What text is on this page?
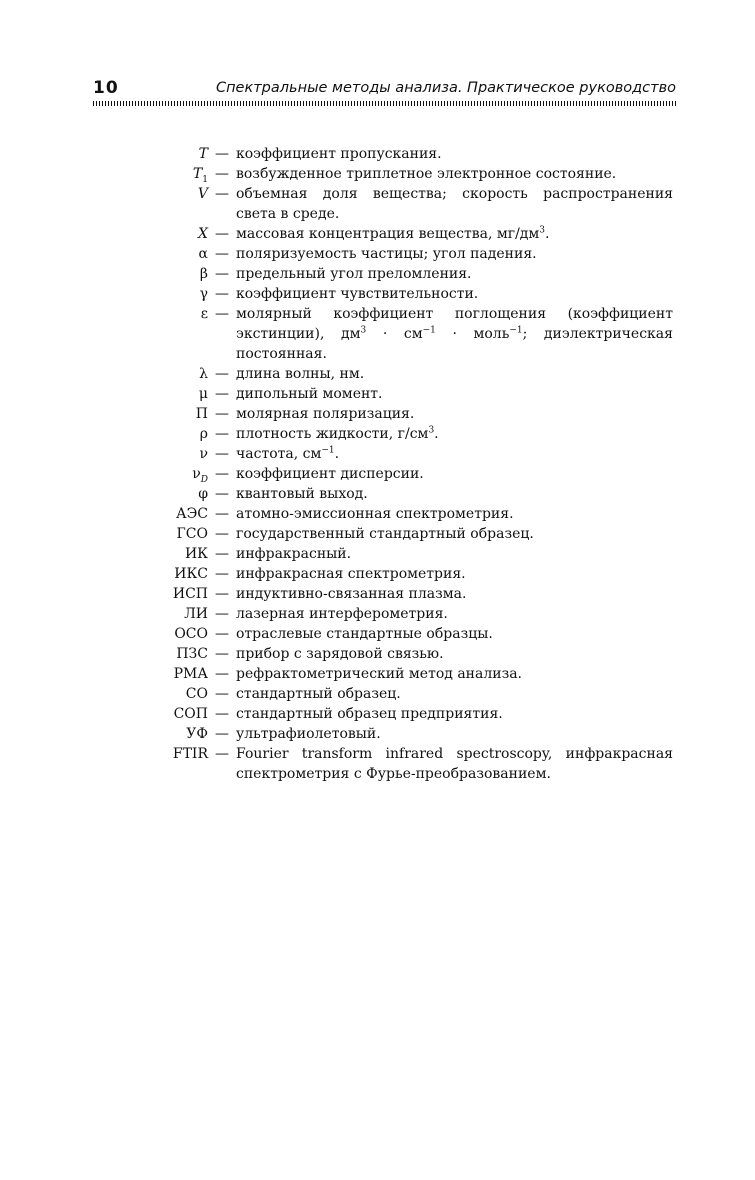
10	Спектральные методы анализа. Практическое руководство
T — коэффициент пропускания.
$T_1$ — возбужденное триплетное электронное состояние.
V — объемная доля вещества; скорость распространения света в среде.
X — массовая концентрация вещества, $мг/дм^3$.
α — поляризуемость частицы; угол падения.
β — предельный угол преломления.
γ — коэффициент чувствительности.
ε — молярный коэффициент поглощения (коэффициент экстинции), $дм^3 \cdot см^{-1}$ · моль$^{-1}$; диэлектрическая постоянная.
λ — длина волны, нм.
μ — дипольный момент.
Π — молярная поляризация.
ρ — плотность жидкости, $г/см^3$.
ν — частота, $см^{-1}$.
$\nu_D$ — коэффициент дисперсии.
φ — квантовый выход.
АЭС — атомно-эмиссионная спектрометрия.
ГСО — государственный стандартный образец.
ИК — инфракрасный.
ИКС — инфракрасная спектрометрия.
ИСП — индуктивно-связанная плазма.
ЛИ — лазерная интерферометрия.
ОСО — отраслевые стандартные образцы.
ПЗС — прибор с зарядовой связью.
РМА — рефрактометрический метод анализа.
СО — стандартный образец.
СОП — стандартный образец предприятия.
УФ — ультрафиолетовый.
FTIR — Fourier transform infrared spectroscopy, инфракрасная спектрометрия с Фурье-преобразованием.
